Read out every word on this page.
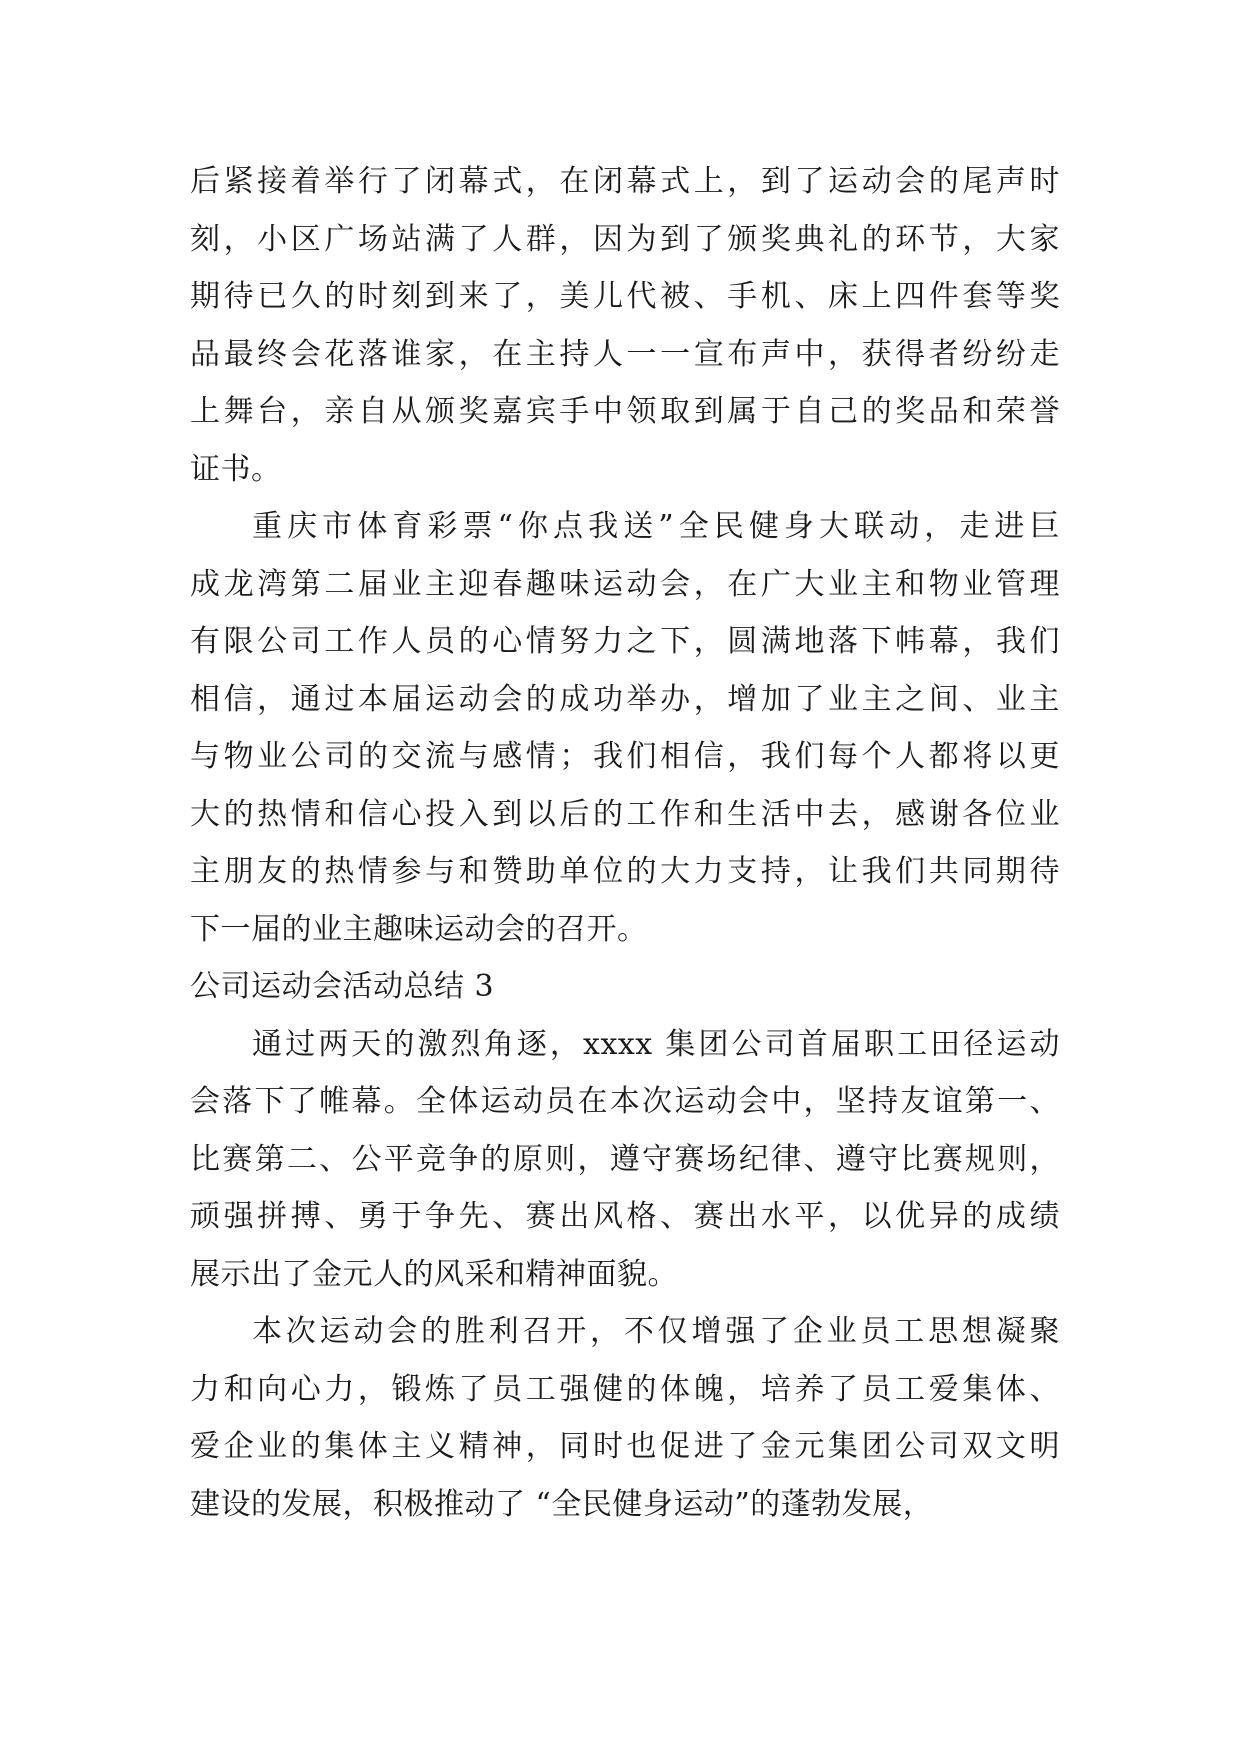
后紧接着举行了闭幕式，在闭幕式上，到了运动会的尾声时
刻，小区广场站满了人群，因为到了颁奖典礼的环节，大家
期待已久的时刻到来了，美儿代被、手机、床上四件套等奖
品最终会花落谁家，在主持人一一宣布声中，获得者纷纷走
上舞台，亲自从颁奖嘉宾手中领取到属于自己的奖品和荣誉
证书。
重庆市体育彩票“你点我送”全民健身大联动，走进巨
成龙湾第二届业主迎春趣味运动会，在广大业主和物业管理
有限公司工作人员的心情努力之下，圆满地落下帏幕，我们
相信，通过本届运动会的成功举办，增加了业主之间、业主
与物业公司的交流与感情；我们相信，我们每个人都将以更
大的热情和信心投入到以后的工作和生活中去，感谢各位业
主朋友的热情参与和赞助单位的大力支持，让我们共同期待
下一届的业主趣味运动会的召开。
公司运动会活动总结 3
通过两天的激烈角逐，xxxx 集团公司首届职工田径运动
会落下了帷幕。全体运动员在本次运动会中，坚持友谊第一、
比赛第二、公平竞争的原则，遵守赛场纪律、遵守比赛规则，
顽强拼搏、勇于争先、赛出风格、赛出水平，以优异的成绩
展示出了金元人的风采和精神面貌。
本次运动会的胜利召开，不仅增强了企业员工思想凝聚
力和向心力，锻炼了员工强健的体魄，培养了员工爱集体、
爱企业的集体主义精神，同时也促进了金元集团公司双文明
建设的发展，积极推动了 “全民健身运动”的蓬勃发展，
